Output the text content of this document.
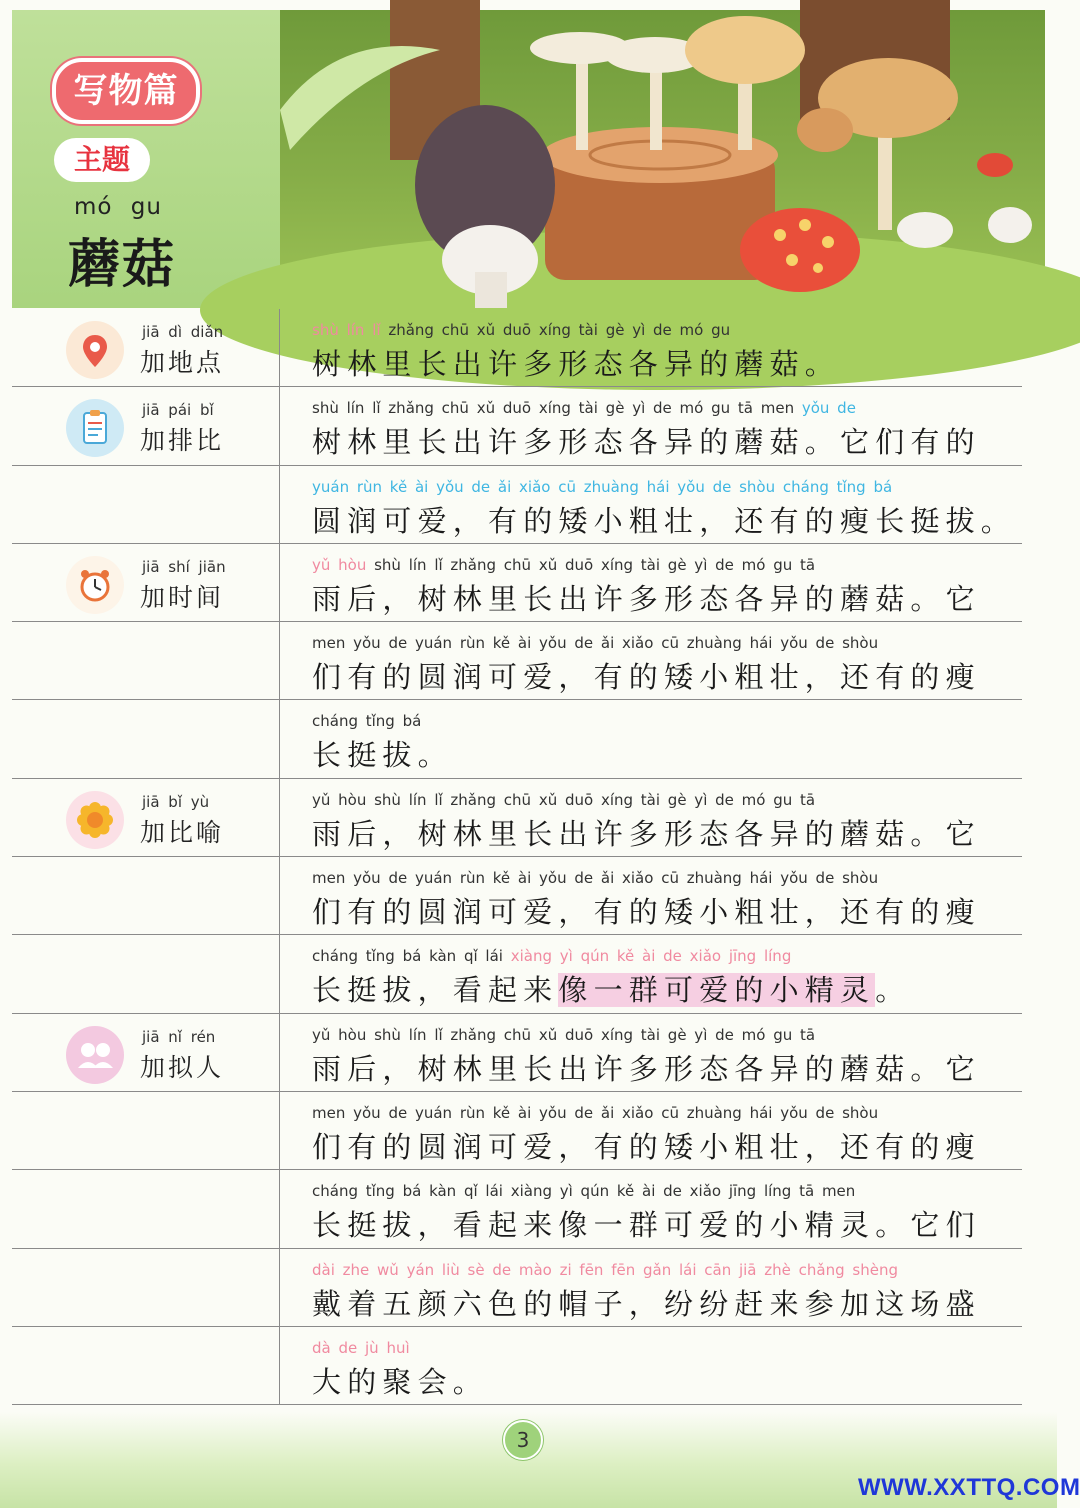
写物篇
主题
mó gu
蘑菇
jiā dì diǎn
加地点
shù lín lǐ zhǎng chū xǔ duō xíng tài gè yì de mó gu
树林里长出许多形态各异的蘑菇。
jiā pái bǐ
加排比
shù lín lǐ zhǎng chū xǔ duō xíng tài gè yì de mó gu tā men yǒu de
树林里长出许多形态各异的蘑菇。它们有的
yuán rùn kě ài yǒu de ǎi xiǎo cū zhuàng hái yǒu de shòu cháng tǐng bá
圆润可爱，有的矮小粗壮，还有的瘦长挺拔。
jiā shí jiān
加时间
yǔ hòu shù lín lǐ zhǎng chū xǔ duō xíng tài gè yì de mó gu tā
雨后，树林里长出许多形态各异的蘑菇。它
men yǒu de yuán rùn kě ài yǒu de ǎi xiǎo cū zhuàng hái yǒu de shòu
们有的圆润可爱，有的矮小粗壮，还有的瘦
cháng tǐng bá
长挺拔。
jiā bǐ yù
加比喻
yǔ hòu shù lín lǐ zhǎng chū xǔ duō xíng tài gè yì de mó gu tā
雨后，树林里长出许多形态各异的蘑菇。它
men yǒu de yuán rùn kě ài yǒu de ǎi xiǎo cū zhuàng hái yǒu de shòu
们有的圆润可爱，有的矮小粗壮，还有的瘦
cháng tǐng bá kàn qǐ lái xiàng yì qún kě ài de xiǎo jīng líng
长挺拔，看起来像一群可爱的小精灵。
jiā nǐ rén
加拟人
yǔ hòu shù lín lǐ zhǎng chū xǔ duō xíng tài gè yì de mó gu tā
雨后，树林里长出许多形态各异的蘑菇。它
men yǒu de yuán rùn kě ài yǒu de ǎi xiǎo cū zhuàng hái yǒu de shòu
们有的圆润可爱，有的矮小粗壮，还有的瘦
cháng tǐng bá kàn qǐ lái xiàng yì qún kě ài de xiǎo jīng líng tā men
长挺拔，看起来像一群可爱的小精灵。它们
dài zhe wǔ yán liù sè de mào zi fēn fēn gǎn lái cān jiā zhè chǎng shèng
戴着五颜六色的帽子，纷纷赶来参加这场盛
dà de jù huì
大的聚会。
3
WWW.XXTTQ.COM
